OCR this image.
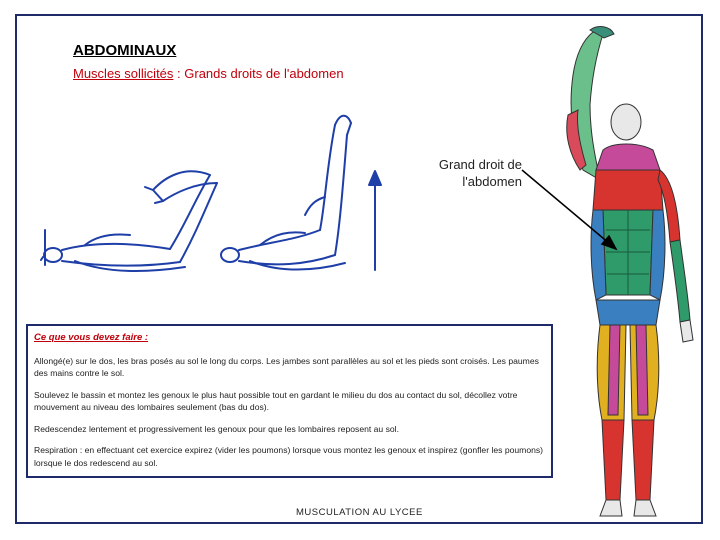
ABDOMINAUX
Muscles sollicités : Grands droits de l'abdomen
Grand droit de
l'abdomen
Ce que vous devez faire :

Allongé(e) sur le dos, les bras posés au sol le long du corps. Les jambes sont parallèles au sol et les pieds sont croisés. Les paumes des mains contre le sol.

Soulevez le bassin et montez les genoux le plus haut possible tout en gardant le milieu du dos au contact du sol, décollez votre mouvement au niveau des lombaires seulement (bas du dos).

Redescendez lentement et progressivement les genoux pour que les lombaires reposent au sol.

Respiration : en effectuant cet exercice expirez (vider les poumons) lorsque vous montez les genoux et inspirez (gonfler les poumons) lorsque le dos redescend au sol.

MUSCULATION AU LYCEE
